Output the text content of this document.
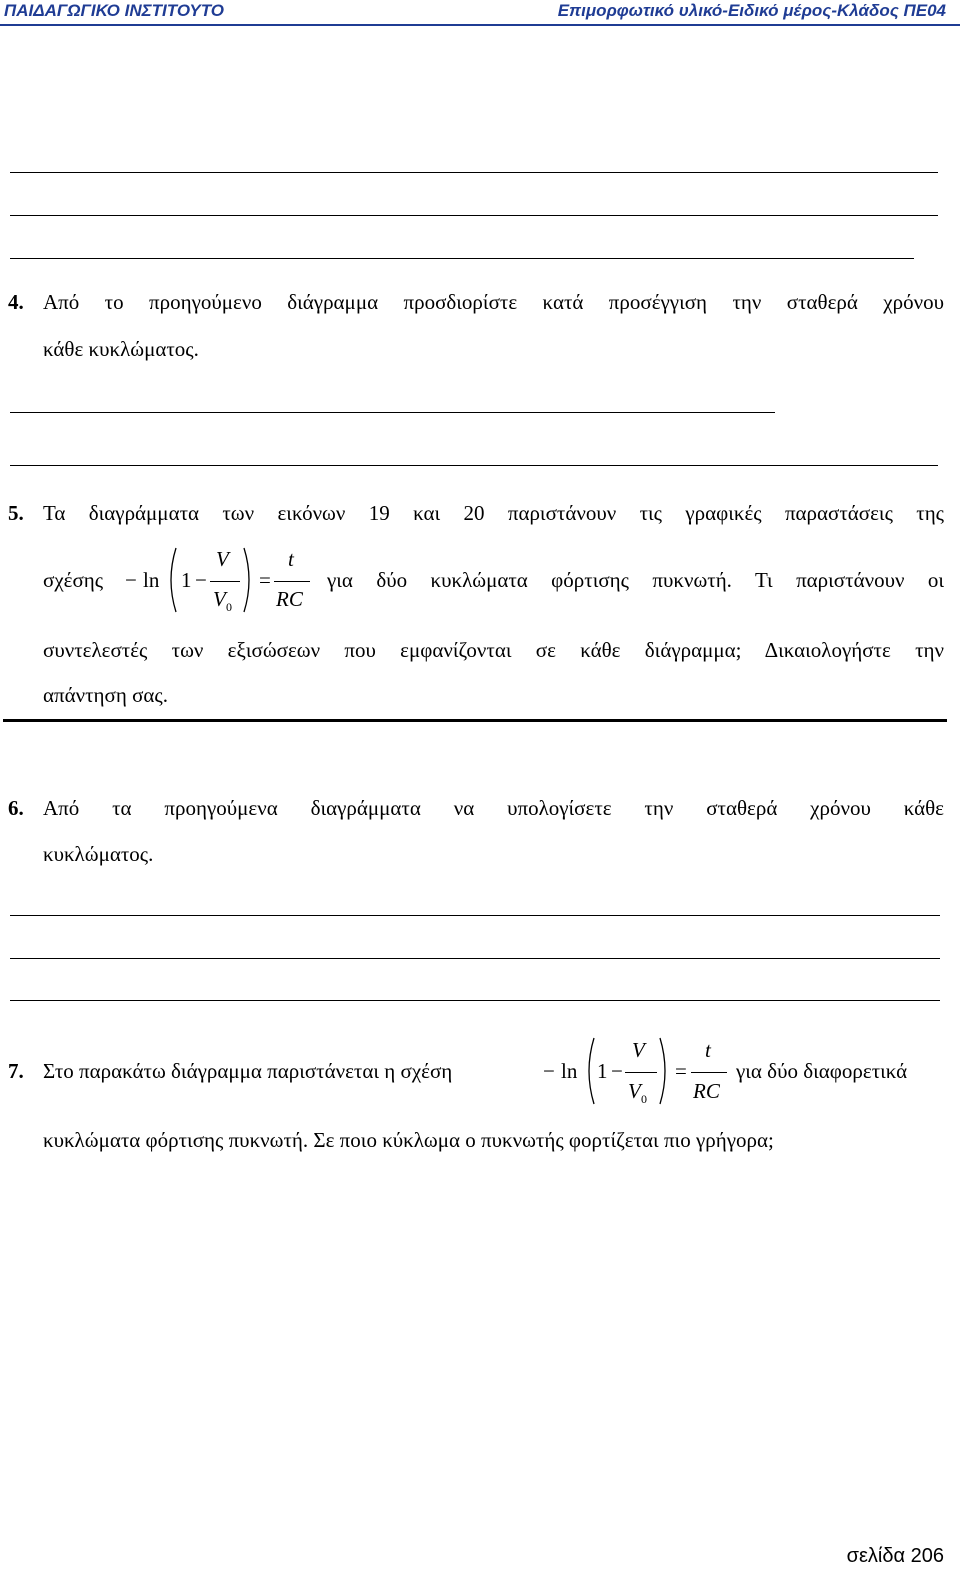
ΠΑΙΔΑΓΩΓΙΚΟ ΙΝΣΤΙΤΟΥΤΟ	Επιμορφωτικό υλικό-Ειδικό μέρος-Κλάδος ΠΕ04
4. Από το προηγούμενο διάγραμμα προσδιορίστε κατά προσέγγιση την σταθερά χρόνου
κάθε κυκλώματος.
5. Τα διαγράμματα των εικόνων 19 και 20 παριστάνουν τις γραφικές παραστάσεις της
σχέσης − ln 1 −
V
V 0
=
t
RC
για δύο κυκλώματα φόρτισης πυκνωτή. Τι παριστάνουν οι
συντελεστές των εξισώσεων που εμφανίζονται σε κάθε διάγραμμα; Δικαιολογήστε την
απάντηση σας.
6. Από τα προηγούμενα διαγράμματα να υπολογίσετε την σταθερά χρόνου κάθε
κυκλώματος.
7. Στο παρακάτω διάγραμμα παριστάνεται η σχέση	− ln 1 −
V
V 0
=
t
RC
για δύο διαφορετικά
κυκλώματα φόρτισης πυκνωτή. Σε ποιο κύκλωμα ο πυκνωτής φορτίζεται πιο γρήγορα;
σελίδα 206
